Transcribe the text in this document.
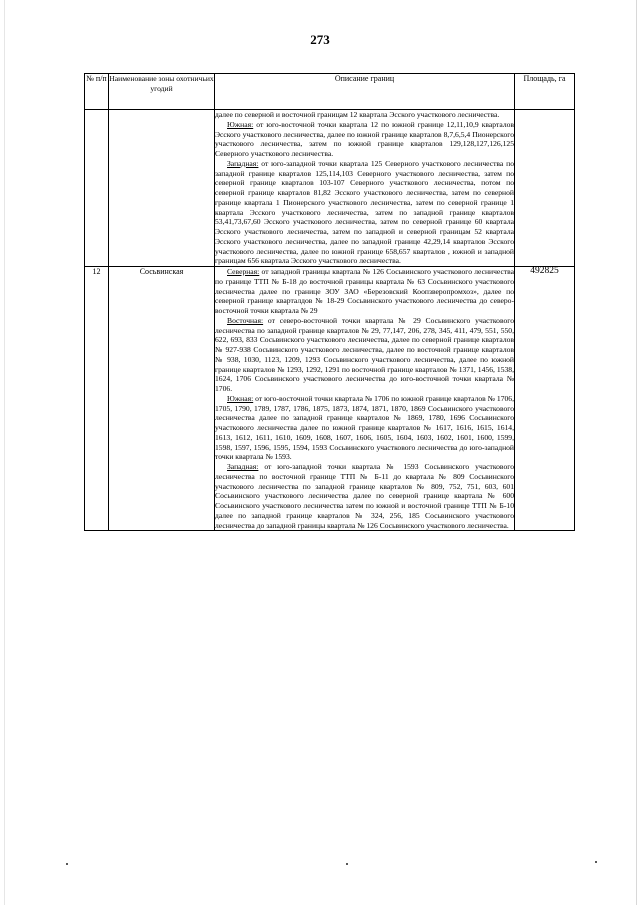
273
№ п/п	Наименование зоны охотничьих угодий	Описание границ	Площадь, га

		далее по северной и восточной границам 12 квартала Эсского участкового лесничества.

Южная: от юго-восточной точки квартала 12 по южной границе 12,11,10,9 кварталов Эсского участкового лесничества, далее по южной границе кварталов 8,7,6,5,4 Пионерского участкового лесничества, затем по южной границе кварталов 129,128,127,126,125 Северного участкового лесничества.

Западная: от юго-западной точки квартала 125 Северного участкового лесничества по западной границе кварталов 125,114,103 Северного участкового лесничества, затем по северной границе кварталов 103-107 Северного участкового лесничества, потом по северной границе кварталов 81,82 Эсского участкового лесничества, затем по северной границе квартала 1 Пионерского участкового лесничества, затем по северной границе 1 квартала Эсского участкового лесничества, затем по западной границе кварталов 53,41,73,67,60 Эсского участкового лесничества, затем по северной границе 60 квартала Эсского участкового лесничества, затем по западной и северной границам 52 квартала Эсского участкового лесничества, далее по западной границе 42,29,14 кварталов Эсского участкового лесничества, далее по южной границе 658,657 кварталов , южной и западной границам 656 квартала Эсского участкового лесничества.	

12	Сосьвинская	Северная: от западной границы квартала № 126 Сосьвинского участкового лесничества по границе ТТП № Б-18 до восточной границы квартала № 63 Сосьвинского участкового лесничества далее по границе ЗОУ ЗАО «Березовский Коопзверопромхоз», далее по северной границе кварталдов № 18-29 Сосьвинского участкового лесничества до северо-восточной точки квартала № 29

Восточная: от северо-восточной точки квартала № 29 Сосьвинского участкового лесничества по западной границе кварталов № 29, 77,147, 206, 278, 345, 411, 479, 551, 550, 622, 693, 833 Сосьвинского участкового лесничества, далее по северной границе кварталов № 927-938 Сосьвинского участкового лесничества, далее по восточной границе кварталов № 938, 1030, 1123, 1209, 1293 Сосьвинского участкового лесничества, далее по южной границе кварталов № 1293, 1292, 1291 по восточной границе кварталов № 1371, 1456, 1538, 1624, 1706 Сосьвинского участкового лесничества до юго-восточной точки квартала № 1706.

Южная: от юго-восточной точки квартала № 1706 по южной границе кварталов № 1706, 1705, 1790, 1789, 1787, 1786, 1875, 1873, 1874, 1871, 1870, 1869 Сосьвинского участкового лесничества далее по западной границе кварталов № 1869, 1780, 1696 Сосьвинского участкового лесничества далее по южной границе кварталов № 1617, 1616, 1615, 1614, 1613, 1612, 1611, 1610, 1609, 1608, 1607, 1606, 1605, 1604, 1603, 1602, 1601, 1600, 1599, 1598, 1597, 1596, 1595, 1594, 1593 Сосьвинского участкового лесничества до юго-западной точки квартала № 1593.

Западная: от юго-западной точки квартала № 1593 Сосьвинского участкового лесничества по восточной границе ТТП № Б-11 до квартала № 809 Сосьвинского участкового лесничества по западной границе кварталов № 809, 752, 751, 603, 601 Сосьвинского участкового лесничества далее по северной границе квартала № 600 Сосьвинского участкового лесничества затем по южной и восточной границе ТТП № Б-10 далее по западной границе кварталов № 324, 256, 185 Сосьвинского участкового лесничества до западной границы квартала № 126 Сосьвинского участкового лесничества.	492825
